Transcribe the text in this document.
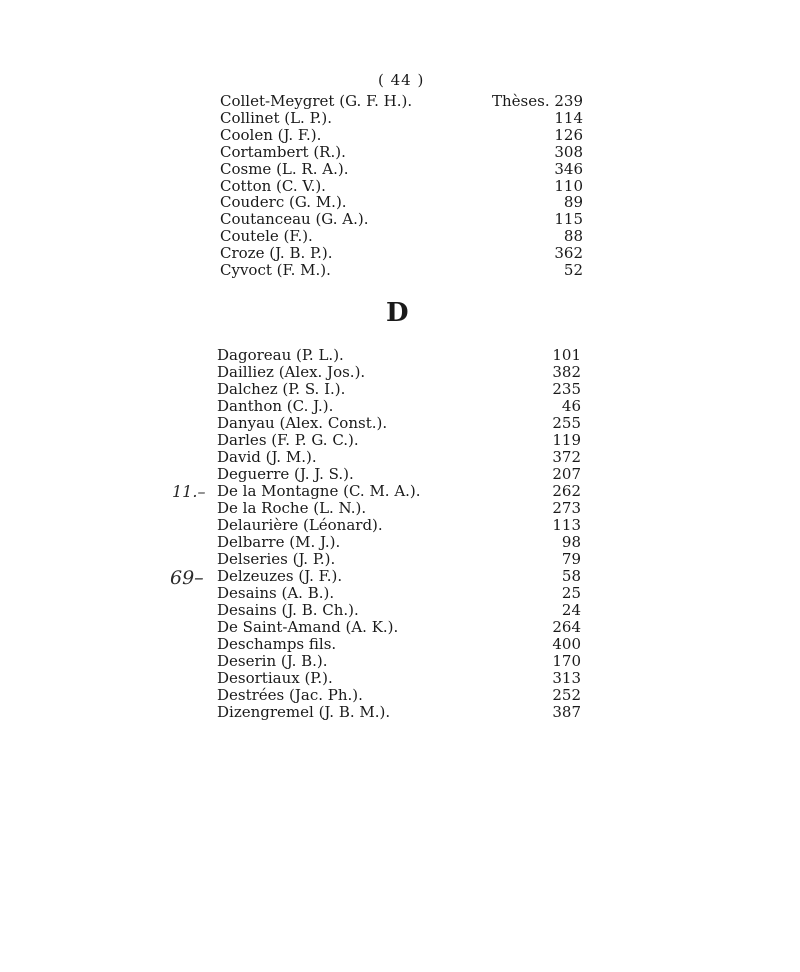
( 44 )
Collet-Meygret (G. F. H.).	Thèses. 239
Collinet (L. P.).	114
Coolen (J. F.).	126
Cortambert (R.).	308
Cosme (L. R. A.).	346
Cotton (C. V.).	110
Couderc (G. M.).	89
Coutanceau (G. A.).	115
Coutele (F.).	88
Croze (J. B. P.).	362
Cyvoct (F. M.).	52
D
Dagoreau (P. L.).	101
Dailliez (Alex. Jos.).	382
Dalchez (P. S. I.).	235
Danthon (C. J.).	46
Danyau (Alex. Const.).	255
Darles (F. P. G. C.).	119
David (J. M.).	372
Deguerre (J. J. S.).	207
De la Montagne (C. M. A.).	262
De la Roche (L. N.).	273
Delaurière (Léonard).	113
Delbarre (M. J.).	98
Delseries (J. P.).	79
Delzeuzes (J. F.).	58
Desains (A. B.).	25
Desains (J. B. Ch.).	24
De Saint-Amand (A. K.).	264
Deschamps fils.	400
Deserin (J. B.).	170
Desortiaux (P.).	313
Destrées (Jac. Ph.).	252
Dizengremel (J. B. M.).	387
11.–
69–
